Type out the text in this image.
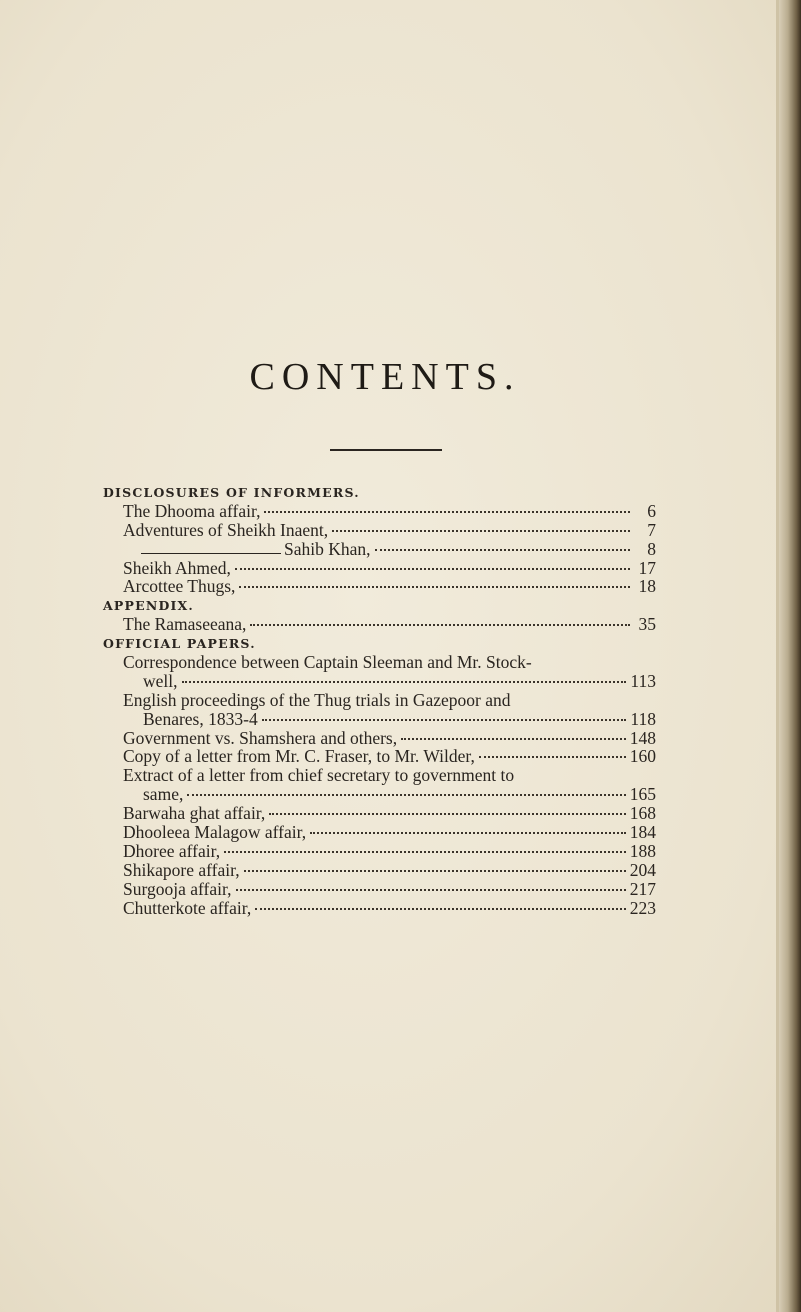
CONTENTS.
DISCLOSURES OF INFORMERS.
The Dhooma affair,	6
Adventures of Sheikh Inaent,	7
Sahib Khan,	8
Sheikh Ahmed,	17
Arcottee Thugs,	18
APPENDIX.
The Ramaseeana,	35
OFFICIAL PAPERS.
Correspondence between Captain Sleeman and Mr. Stock-
well,	113
English proceedings of the Thug trials in Gazepoor and
Benares, 1833-4	118
Government vs. Shamshera and others,	148
Copy of a letter from Mr. C. Fraser, to Mr. Wilder,	160
Extract of a letter from chief secretary to government to
same,	165
Barwaha ghat affair,	168
Dhooleea Malagow affair,	184
Dhoree affair,	188
Shikapore affair,	204
Surgooja affair,	217
Chutterkote affair,	223
